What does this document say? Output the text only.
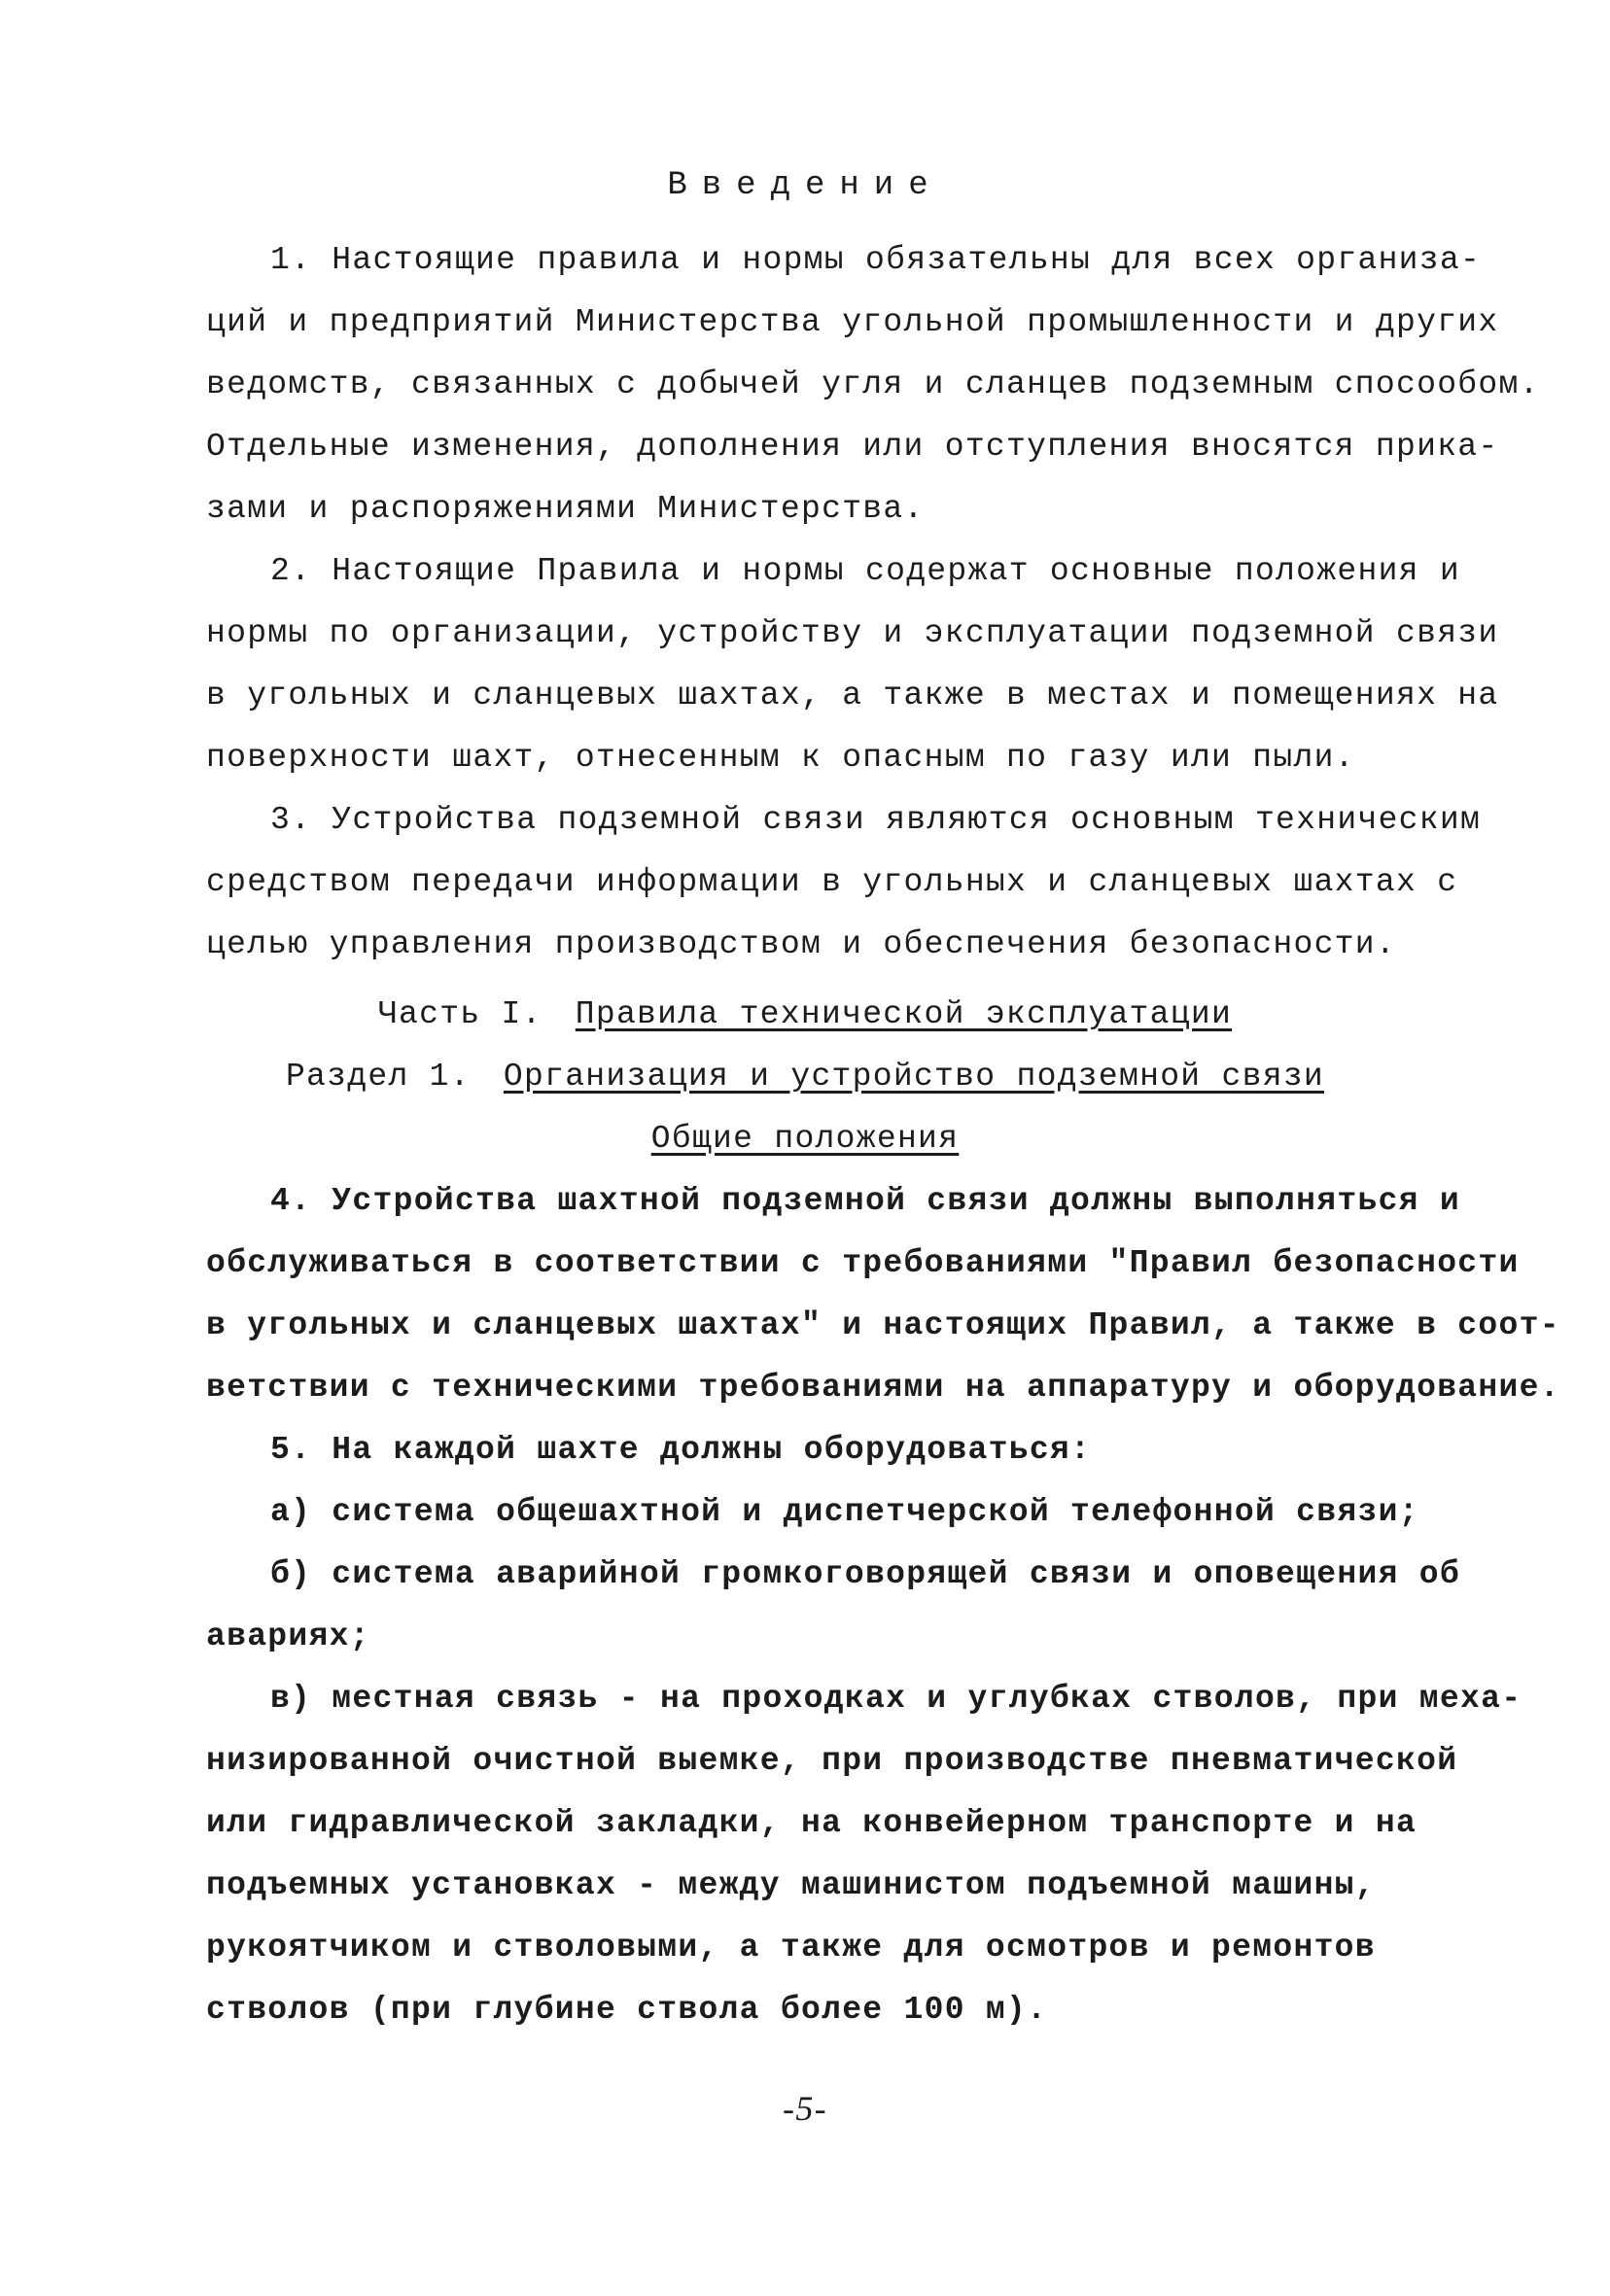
Введение
1. Настоящие правила и нормы обязательны для всех организа-
ций и предприятий Министерства угольной промышленности и других
ведомств, связанных с добычей угля и сланцев подземным спосообом.
Отдельные изменения, дополнения или отступления вносятся прика-
зами и распоряжениями Министерства.
2. Настоящие Правила и нормы содержат основные положения и
нормы по организации, устройству и эксплуатации подземной связи
в угольных и сланцевых шахтах, а также в местах и помещениях на
поверхности шахт, отнесенным к опасным по газу или пыли.
3. Устройства подземной связи являются основным техническим
средством передачи информации в угольных и сланцевых шахтах с
целью управления производством и обеспечения безопасности.
Часть I. Правила технической эксплуатации
Раздел 1. Организация и устройство подземной связи
Общие положения
4. Устройства шахтной подземной связи должны выполняться и
обслуживаться в соответствии с требованиями "Правил безопасности
в угольных и сланцевых шахтах" и настоящих Правил, а также в соот-
ветствии с техническими требованиями на аппаратуру и оборудование.
5. На каждой шахте должны оборудоваться:
а) система общешахтной и диспетчерской телефонной связи;
б) система аварийной громкоговорящей связи и оповещения об
авариях;
в) местная связь - на проходках и углубках стволов, при меха-
низированной очистной выемке, при производстве пневматической
или гидравлической закладки, на конвейерном транспорте и на
подъемных установках - между машинистом подъемной машины,
рукоятчиком и стволовыми, а также для осмотров и ремонтов
стволов (при глубине ствола более 100 м).
-5-
